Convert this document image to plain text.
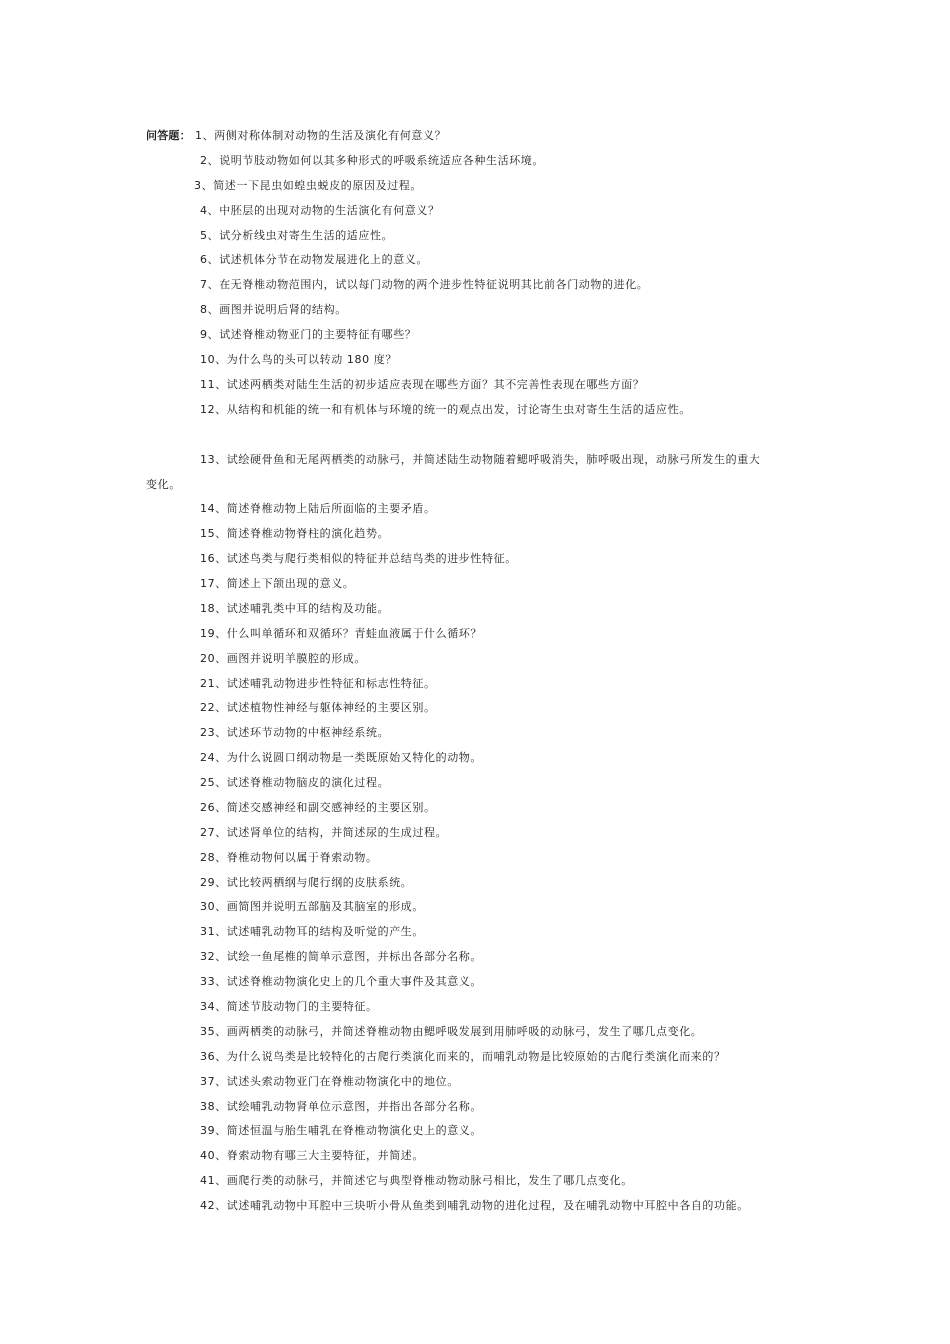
问答题： 1、两侧对称体制对动物的生活及演化有何意义？
2、说明节肢动物如何以其多种形式的呼吸系统适应各种生活环境。
3、简述一下昆虫如蝗虫蜕皮的原因及过程。
4、中胚层的出现对动物的生活演化有何意义？
5、试分析线虫对寄生生活的适应性。
6、试述机体分节在动物发展进化上的意义。
7、在无脊椎动物范围内，试以每门动物的两个进步性特征说明其比前各门动物的进化。
8、画图并说明后肾的结构。
9、试述脊椎动物亚门的主要特征有哪些？
10、为什么鸟的头可以转动 180 度？
11、试述两栖类对陆生生活的初步适应表现在哪些方面？其不完善性表现在哪些方面？
12、从结构和机能的统一和有机体与环境的统一的观点出发，讨论寄生虫对寄生生活的适应性。
13、试绘硬骨鱼和无尾两栖类的动脉弓，并简述陆生动物随着鳃呼吸消失，肺呼吸出现，动脉弓所发生的重大
变化。
14、简述脊椎动物上陆后所面临的主要矛盾。
15、简述脊椎动物脊柱的演化趋势。
16、试述鸟类与爬行类相似的特征并总结鸟类的进步性特征。
17、简述上下颌出现的意义。
18、试述哺乳类中耳的结构及功能。
19、什么叫单循环和双循环？青蛙血液属于什么循环？
20、画图并说明羊膜腔的形成。
21、试述哺乳动物进步性特征和标志性特征。
22、试述植物性神经与躯体神经的主要区别。
23、试述环节动物的中枢神经系统。
24、为什么说圆口纲动物是一类既原始又特化的动物。
25、试述脊椎动物脑皮的演化过程。
26、简述交感神经和副交感神经的主要区别。
27、试述肾单位的结构，并简述尿的生成过程。
28、脊椎动物何以属于脊索动物。
29、试比较两栖纲与爬行纲的皮肤系统。
30、画简图并说明五部脑及其脑室的形成。
31、试述哺乳动物耳的结构及听觉的产生。
32、试绘一鱼尾椎的简单示意图，并标出各部分名称。
33、试述脊椎动物演化史上的几个重大事件及其意义。
34、简述节肢动物门的主要特征。
35、画两栖类的动脉弓，并简述脊椎动物由鳃呼吸发展到用肺呼吸的动脉弓，发生了哪几点变化。
36、为什么说鸟类是比较特化的古爬行类演化而来的，而哺乳动物是比较原始的古爬行类演化而来的？
37、试述头索动物亚门在脊椎动物演化中的地位。
38、试绘哺乳动物肾单位示意图，并指出各部分名称。
39、简述恒温与胎生哺乳在脊椎动物演化史上的意义。
40、脊索动物有哪三大主要特征，并简述。
41、画爬行类的动脉弓，并简述它与典型脊椎动物动脉弓相比，发生了哪几点变化。
42、试述哺乳动物中耳腔中三块听小骨从鱼类到哺乳动物的进化过程，及在哺乳动物中耳腔中各自的功能。
